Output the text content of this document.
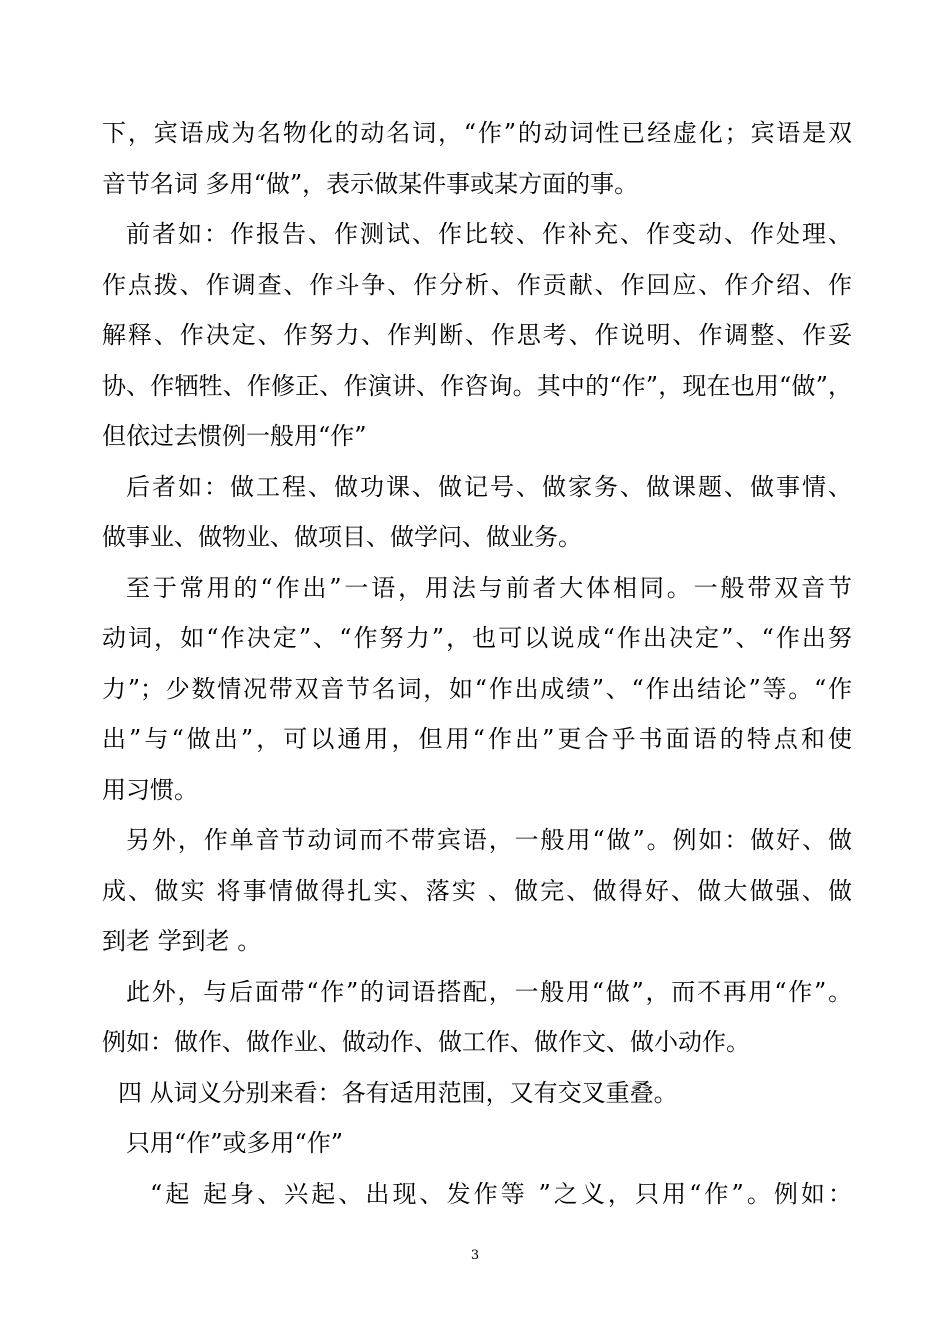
下，宾语成为名物化的动名词，“作”的动词性已经虚化；宾语是双
音节名词 多用“做”，表示做某件事或某方面的事。
前者如：作报告、作测试、作比较、作补充、作变动、作处理、
作点拨、作调查、作斗争、作分析、作贡献、作回应、作介绍、作
解释、作决定、作努力、作判断、作思考、作说明、作调整、作妥
协、作牺牲、作修正、作演讲、作咨询。其中的“作”，现在也用“做”，
但依过去惯例一般用“作”
后者如：做工程、做功课、做记号、做家务、做课题、做事情、
做事业、做物业、做项目、做学问、做业务。
至于常用的“作出”一语，用法与前者大体相同。一般带双音节
动词，如“作决定”、“作努力”，也可以说成“作出决定”、“作出努
力”；少数情况带双音节名词，如“作出成绩”、“作出结论”等。“作
出”与“做出”，可以通用，但用“作出”更合乎书面语的特点和使
用习惯。
另外，作单音节动词而不带宾语，一般用“做”。例如：做好、做
成、做实 将事情做得扎实、落实 、做完、做得好、做大做强、做
到老 学到老 。
此外，与后面带“作”的词语搭配，一般用“做”，而不再用“作”。
例如：做作、做作业、做动作、做工作、做作文、做小动作。
四 从词义分别来看：各有适用范围，又有交叉重叠。
只用“作”或多用“作”
“起 起身、兴起、出现、发作等 ”之义，只用“作”。例如：
3
